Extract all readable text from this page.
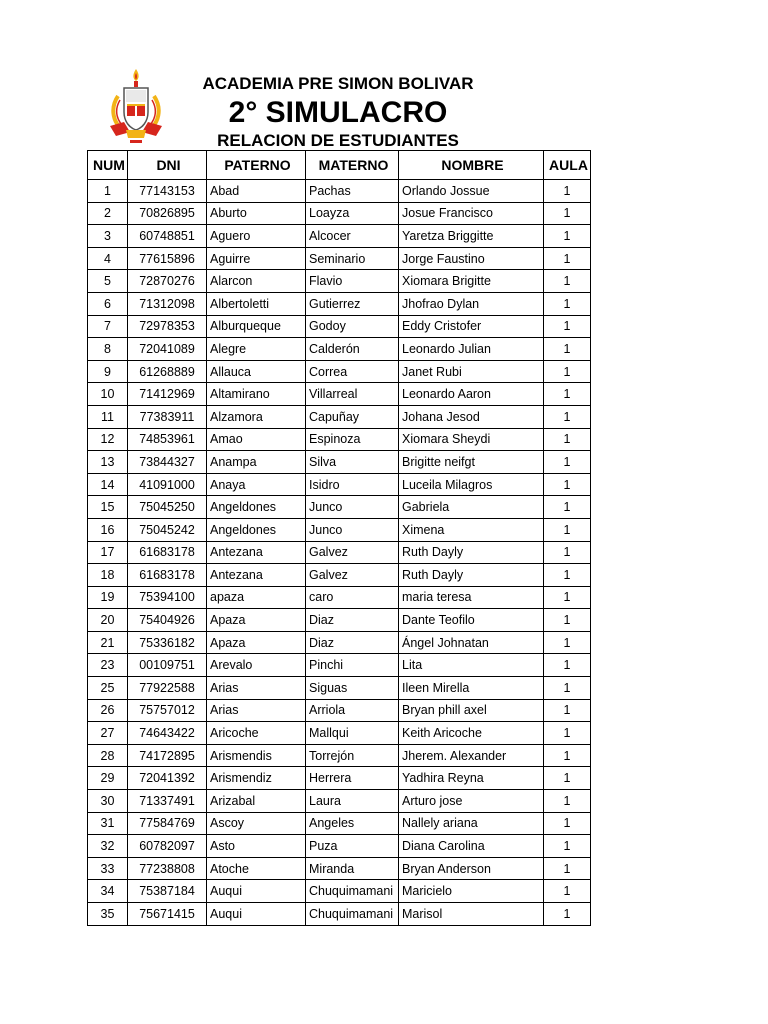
ACADEMIA PRE SIMON BOLIVAR
2° SIMULACRO
RELACION DE ESTUDIANTES
NUM	DNI	PATERNO	MATERNO	NOMBRE	AULA
1	77143153	Abad	Pachas	Orlando Jossue	1
2	70826895	Aburto	Loayza	Josue Francisco	1
3	60748851	Aguero	Alcocer	Yaretza Briggitte	1
4	77615896	Aguirre	Seminario	Jorge Faustino	1
5	72870276	Alarcon	Flavio	Xiomara Brigitte	1
6	71312098	Albertoletti	Gutierrez	Jhofrao Dylan	1
7	72978353	Alburqueque	Godoy	Eddy Cristofer	1
8	72041089	Alegre	Calderón	Leonardo Julian	1
9	61268889	Allauca	Correa	Janet Rubi	1
10	71412969	Altamirano	Villarreal	Leonardo Aaron	1
11	77383911	Alzamora	Capuñay	Johana Jesod	1
12	74853961	Amao	Espinoza	Xiomara Sheydi	1
13	73844327	Anampa	Silva	Brigitte neifgt	1
14	41091000	Anaya	Isidro	Luceila Milagros	1
15	75045250	Angeldones	Junco	Gabriela	1
16	75045242	Angeldones	Junco	Ximena	1
17	61683178	Antezana	Galvez	Ruth Dayly	1
18	61683178	Antezana	Galvez	Ruth Dayly	1
19	75394100	apaza	caro	maria teresa	1
20	75404926	Apaza	Diaz	Dante Teofilo	1
21	75336182	Apaza	Diaz	Ángel Johnatan	1
23	00109751	Arevalo	Pinchi	Lita	1
25	77922588	Arias	Siguas	Ileen Mirella	1
26	75757012	Arias	Arriola	Bryan phill axel	1
27	74643422	Aricoche	Mallqui	Keith Aricoche	1
28	74172895	Arismendis	Torrejón	Jherem. Alexander	1
29	72041392	Arismendiz	Herrera	Yadhira Reyna	1
30	71337491	Arizabal	Laura	Arturo jose	1
31	77584769	Ascoy	Angeles	Nallely ariana	1
32	60782097	Asto	Puza	Diana Carolina	1
33	77238808	Atoche	Miranda	Bryan Anderson	1
34	75387184	Auqui	Chuquimamani	Maricielo	1
35	75671415	Auqui	Chuquimamani	Marisol	1
